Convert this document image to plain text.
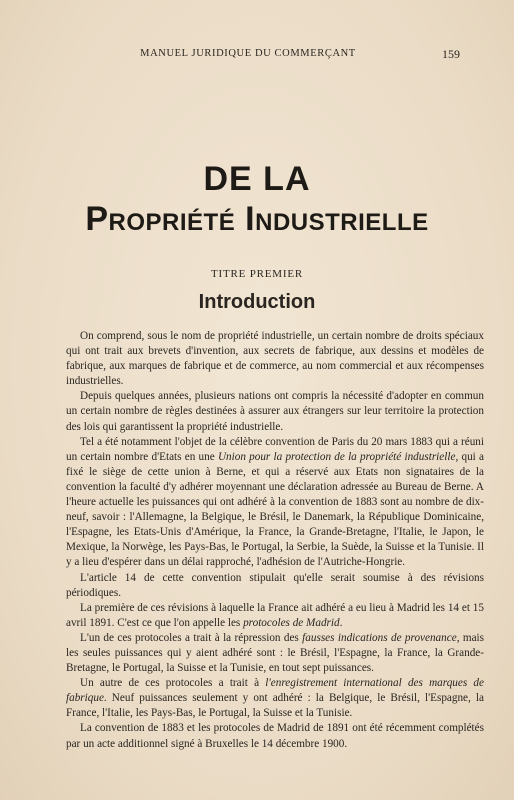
MANUEL JURIDIQUE DU COMMERÇANT	159
DE LA
Propriété Industrielle
TITRE PREMIER
Introduction

On comprend, sous le nom de propriété industrielle, un certain nombre de droits spéciaux qui ont trait aux brevets d'invention, aux secrets de fabrique, aux dessins et modèles de fabrique, aux marques de fabrique et de commerce, au nom commercial et aux récompenses industrielles.

Depuis quelques années, plusieurs nations ont compris la nécessité d'adopter en commun un certain nombre de règles destinées à assurer aux étrangers sur leur territoire la protection des lois qui garantissent la propriété industrielle.

Tel a été notamment l'objet de la célèbre convention de Paris du 20 mars 1883 qui a réuni un certain nombre d'Etats en une Union pour la protection de la propriété industrielle, qui a fixé le siège de cette union à Berne, et qui a réservé aux Etats non signataires de la convention la faculté d'y adhérer moyennant une déclaration adressée au Bureau de Berne. A l'heure actuelle les puissances qui ont adhéré à la convention de 1883 sont au nombre de dix-neuf, savoir : l'Allemagne, la Belgique, le Brésil, le Danemark, la République Dominicaine, l'Espagne, les Etats-Unis d'Amérique, la France, la Grande-Bretagne, l'Italie, le Japon, le Mexique, la Norwège, les Pays-Bas, le Portugal, la Serbie, la Suède, la Suisse et la Tunisie. Il y a lieu d'espérer dans un délai rapproché, l'adhésion de l'Autriche-Hongrie.

L'article 14 de cette convention stipulait qu'elle serait soumise à des révisions périodiques.

La première de ces révisions à laquelle la France ait adhéré a eu lieu à Madrid les 14 et 15 avril 1891. C'est ce que l'on appelle les protocoles de Madrid.

L'un de ces protocoles a trait à la répression des fausses indications de provenance, mais les seules puissances qui y aient adhéré sont : le Brésil, l'Espagne, la France, la Grande-Bretagne, le Portugal, la Suisse et la Tunisie, en tout sept puissances.

Un autre de ces protocoles a trait à l'enregistrement international des marques de fabrique. Neuf puissances seulement y ont adhéré : la Belgique, le Brésil, l'Espagne, la France, l'Italie, les Pays-Bas, le Portugal, la Suisse et la Tunisie.

La convention de 1883 et les protocoles de Madrid de 1891 ont été récemment complétés par un acte additionnel signé à Bruxelles le 14 décembre 1900.
